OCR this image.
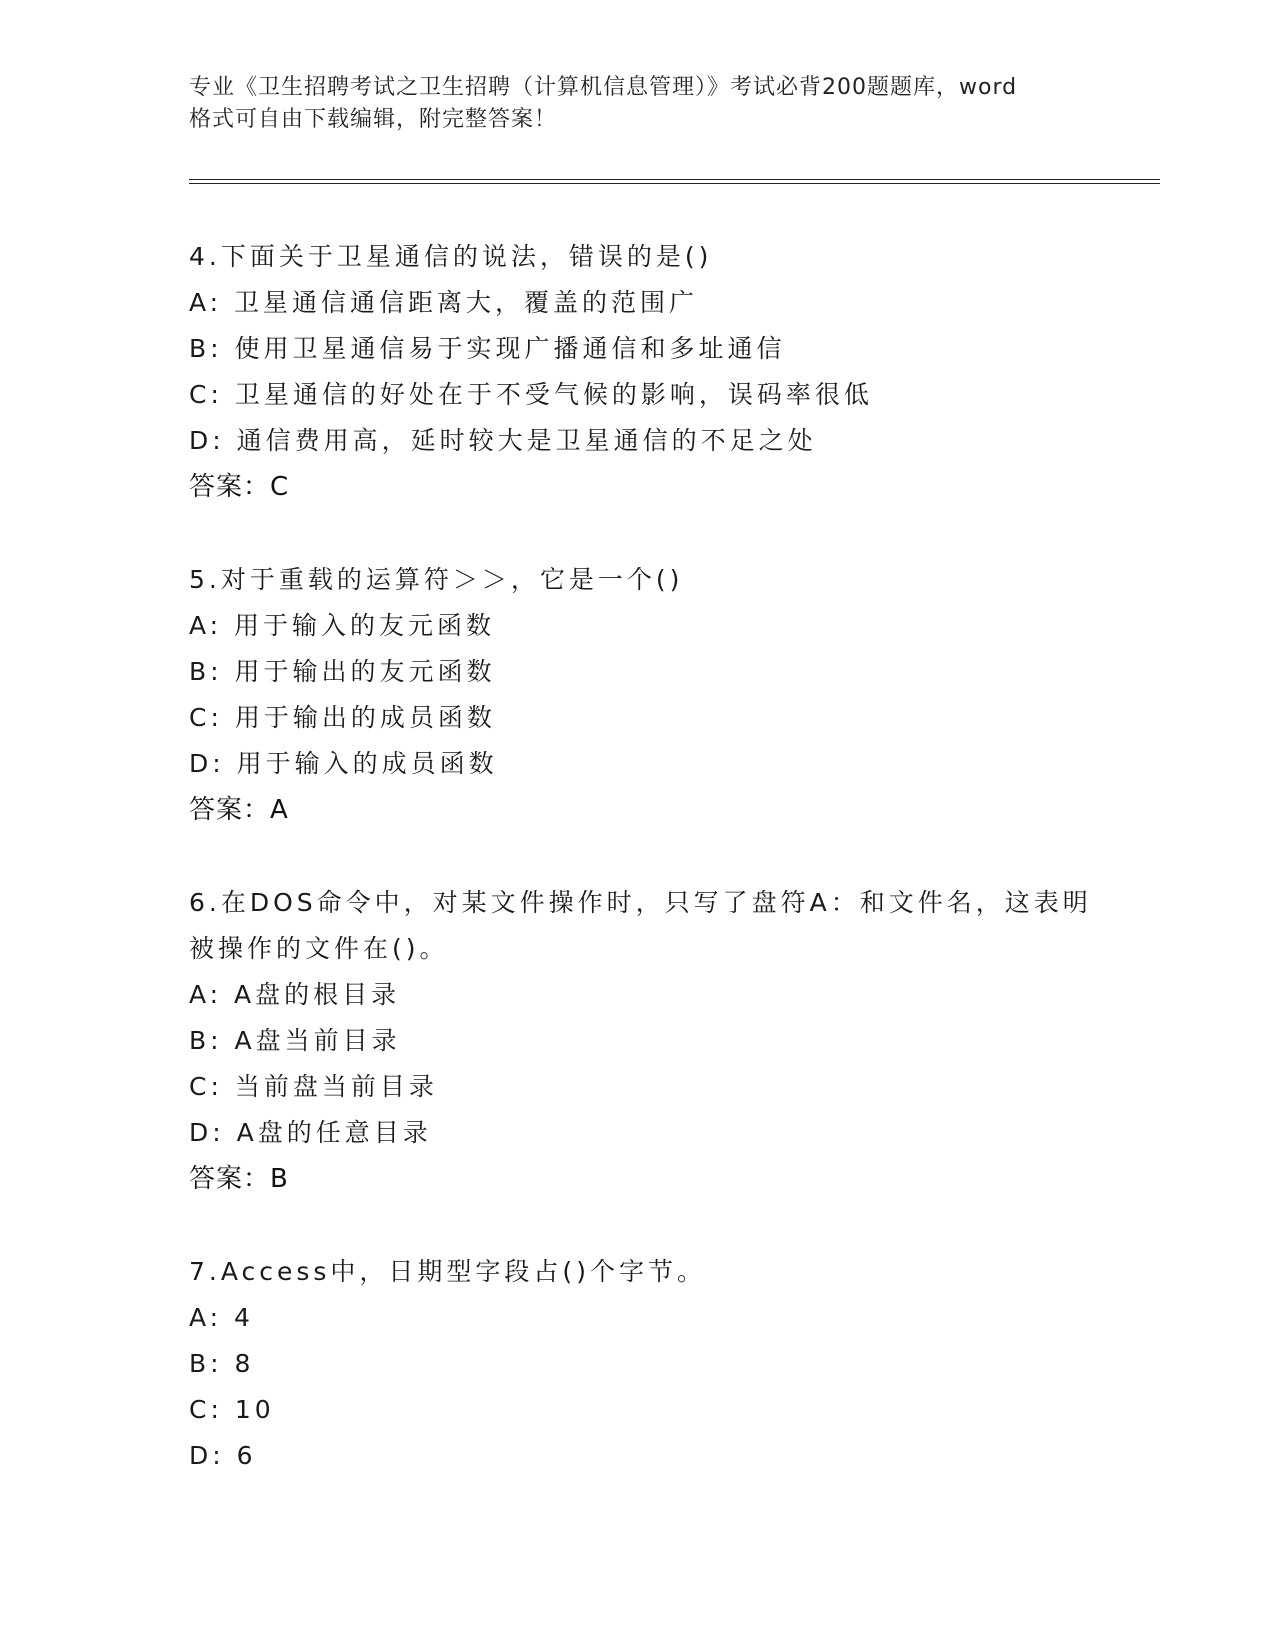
专业《卫生招聘考试之卫生招聘（计算机信息管理）》考试必背200题题库，word
格式可自由下载编辑，附完整答案！
4.下面关于卫星通信的说法，错误的是()
A: 卫星通信通信距离大，覆盖的范围广
B: 使用卫星通信易于实现广播通信和多址通信
C: 卫星通信的好处在于不受气候的影响，误码率很低
D: 通信费用高，延时较大是卫星通信的不足之处
答案：C
5.对于重载的运算符＞＞，它是一个()
A: 用于输入的友元函数
B: 用于输出的友元函数
C: 用于输出的成员函数
D: 用于输入的成员函数
答案：A
6.在DOS命令中，对某文件操作时，只写了盘符A：和文件名，这表明
被操作的文件在()。
A: A盘的根目录
B: A盘当前目录
C: 当前盘当前目录
D: A盘的任意目录
答案：B
7.Access中，日期型字段占()个字节。
A: 4
B: 8
C: 10
D: 6
